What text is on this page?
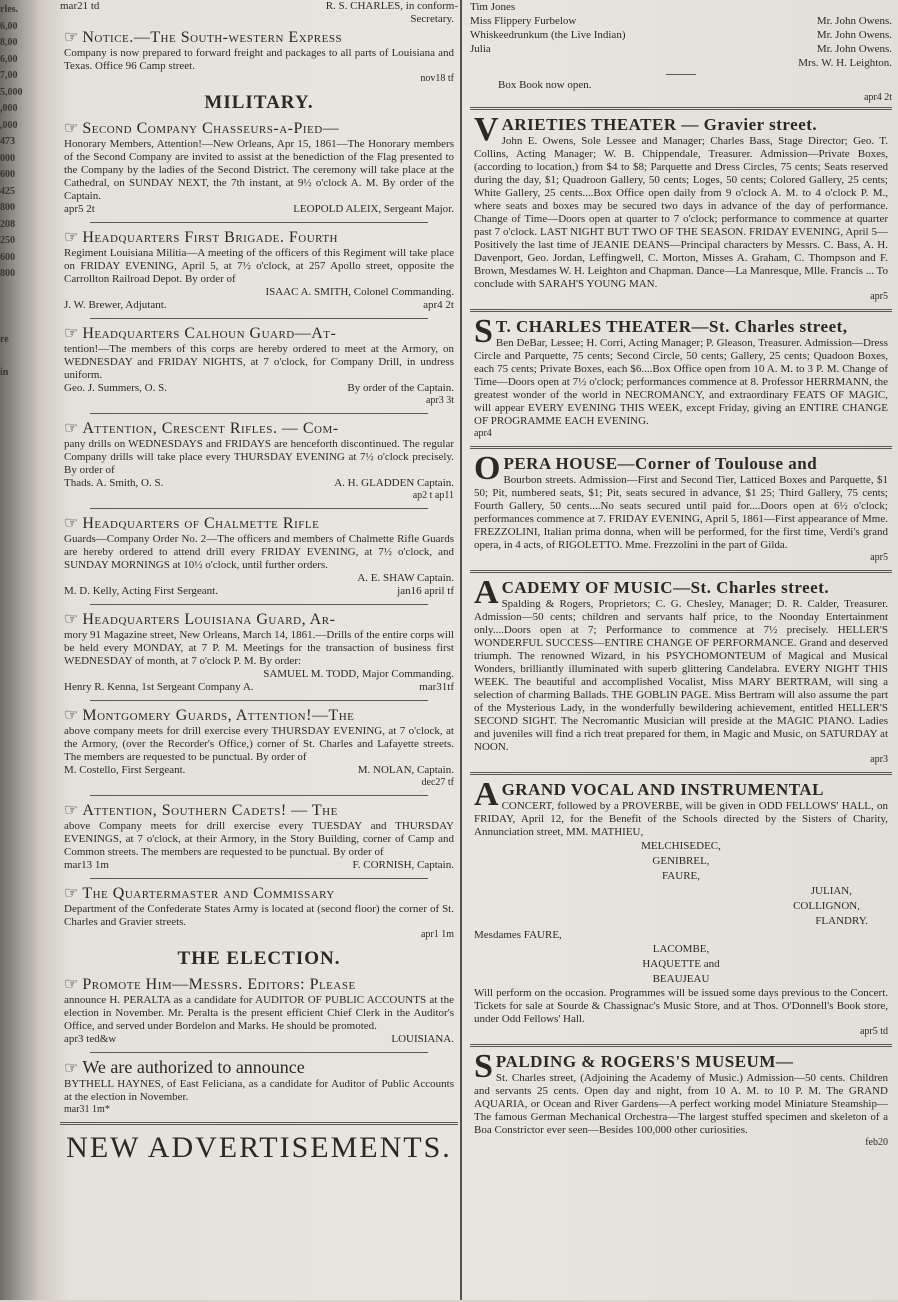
rles.
6,00
8,00
6,00
7,00
5,000
,000
,000
473
000
600
425
800
208
250
600
800

re

in

mar21 td	R. S. CHARLES, in conform-
Secretary.
☞ Notice.—The South-western Express
Company is now prepared to forward freight and packages to all parts of Louisiana and Texas. Office 96 Camp street.
nov18 tf
MILITARY.
☞ Second Company Chasseurs-a-Pied—
Honorary Members, Attention!—New Orleans, Apr 15, 1861—The Honorary members of the Second Company are invited to assist at the benediction of the Flag presented to the Company by the ladies of the Second District. The ceremony will take place at the Cathedral, on SUNDAY NEXT, the 7th instant, at 9½ o'clock A. M. By order of the Captain.
apr5 2t	LEOPOLD ALEIX, Sergeant Major.
☞ Headquarters First Brigade. Fourth
Regiment Louisiana Militia—A meeting of the officers of this Regiment will take place on FRIDAY EVENING, April 5, at 7½ o'clock, at 257 Apollo street, opposite the Carrollton Railroad Depot. By order of
ISAAC A. SMITH, Colonel Commanding.
J. W. Brewer, Adjutant.	apr4 2t
☞ Headquarters Calhoun Guard—At-
tention!—The members of this corps are hereby ordered to meet at the Armory, on WEDNESDAY and FRIDAY NIGHTS, at 7 o'clock, for Company Drill, in undress uniform.
Geo. J. Summers, O. S.	By order of the Captain.
apr3 3t
☞ Attention, Crescent Rifles. — Com-
pany drills on WEDNESDAYS and FRIDAYS are henceforth discontinued. The regular Company drills will take place every THURSDAY EVENING at 7½ o'clock precisely. By order of
Thads. A. Smith, O. S.	A. H. GLADDEN Captain.
ap2 t ap11
☞ Headquarters of Chalmette Rifle
Guards—Company Order No. 2—The officers and members of Chalmette Rifle Guards are hereby ordered to attend drill every FRIDAY EVENING, at 7½ o'clock, and SUNDAY MORNINGS at 10½ o'clock, until further orders.
A. E. SHAW Captain.
M. D. Kelly, Acting First Sergeant.	jan16 april tf
☞ Headquarters Louisiana Guard, Ar-
mory 91 Magazine street, New Orleans, March 14, 1861.—Drills of the entire corps will be held every MONDAY, at 7 P. M. Meetings for the transaction of business first WEDNESDAY of month, at 7 o'clock P. M. By order:
SAMUEL M. TODD, Major Commanding.
Henry R. Kenna, 1st Sergeant Company A.	mar31tf
☞ Montgomery Guards, Attention!—The
above company meets for drill exercise every THURSDAY EVENING, at 7 o'clock, at the Armory, (over the Recorder's Office,) corner of St. Charles and Lafayette streets. The members are requested to be punctual. By order of
M. Costello, First Sergeant.	M. NOLAN, Captain.
dec27 tf
☞ Attention, Southern Cadets! — The
above Company meets for drill exercise every TUESDAY and THURSDAY EVENINGS, at 7 o'clock, at their Armory, in the Story Building, corner of Camp and Common streets. The members are requested to be punctual. By order of
mar13 1m	F. CORNISH, Captain.
☞ The Quartermaster and Commissary
Department of the Confederate States Army is located at (second floor) the corner of St. Charles and Gravier streets.
apr1 1m
THE ELECTION.
☞ Promote Him—Messrs. Editors: Please
announce H. PERALTA as a candidate for AUDITOR OF PUBLIC ACCOUNTS at the election in November. Mr. Peralta is the present efficient Chief Clerk in the Auditor's Office, and served under Bordelon and Marks. He should be promoted.
apr3 ted&w	LOUISIANA.
☞ We are authorized to announce
BYTHELL HAYNES, of East Feliciana, as a candidate for Auditor of Public Accounts at the election in November.
mar31 1m*
NEW ADVERTISEMENTS.
Tim Jones
Miss Flippery Furbelow	Mr. John Owens.
Whiskeedrunkum (the Live Indian)	Mr. John Owens.
Julia	Mr. John Owens.
Mrs. W. H. Leighton.
Box Book now open.
apr4 2t
V ARIETIES THEATER — Gravier street.
John E. Owens, Sole Lessee and Manager; Charles Bass, Stage Director; Geo. T. Collins, Acting Manager; W. B. Chippendale, Treasurer. Admission—Private Boxes, (according to location,) from $4 to $8; Parquette and Dress Circles, 75 cents; Seats reserved during the day, $1; Quadroon Gallery, 50 cents; Loges, 50 cents; Colored Gallery, 25 cents; White Gallery, 25 cents....Box Office open daily from 9 o'clock A. M. to 4 o'clock P. M., where seats and boxes may be secured two days in advance of the day of performance. Change of Time—Doors open at quarter to 7 o'clock; performance to commence at quarter past 7 o'clock. LAST NIGHT BUT TWO OF THE SEASON. FRIDAY EVENING, April 5—Positively the last time of JEANIE DEANS—Principal characters by Messrs. C. Bass, A. H. Davenport, Geo. Jordan, Leffingwell, C. Morton, Misses A. Graham, C. Thompson and F. Brown, Mesdames W. H. Leighton and Chapman. Dance—La Manresque, Mlle. Francis ... To conclude with SARAH'S YOUNG MAN.
apr5
S T. CHARLES THEATER—St. Charles street,
Ben DeBar, Lessee; H. Corri, Acting Manager; P. Gleason, Treasurer. Admission—Dress Circle and Parquette, 75 cents; Second Circle, 50 cents; Gallery, 25 cents; Quadoon Boxes, each 75 cents; Private Boxes, each $6....Box Office open from 10 A. M. to 3 P. M. Change of Time—Doors open at 7½ o'clock; performances commence at 8. Professor HERRMANN, the greatest wonder of the world in NECROMANCY, and extraordinary FEATS OF MAGIC, will appear EVERY EVENING THIS WEEK, except Friday, giving an ENTIRE CHANGE OF PROGRAMME EACH EVENING.
apr4
O PERA HOUSE—Corner of Toulouse and
Bourbon streets. Admission—First and Second Tier, Latticed Boxes and Parquette, $1 50; Pit, numbered seats, $1; Pit, seats secured in advance, $1 25; Third Gallery, 75 cents; Fourth Gallery, 50 cents....No seats secured until paid for....Doors open at 6½ o'clock; performances commence at 7. FRIDAY EVENING, April 5, 1861—First appearance of Mme. FREZZOLINI, Italian prima donna, when will be performed, for the first time, Verdi's grand opera, in 4 acts, of RIGOLETTO. Mme. Frezzolini in the part of Gilda.
apr5
A CADEMY OF MUSIC—St. Charles street.
Spalding & Rogers, Proprietors; C. G. Chesley, Manager; D. R. Calder, Treasurer. Admission—50 cents; children and servants half price, to the Noonday Entertainment only....Doors open at 7; Performance to commence at 7½ precisely. HELLER'S WONDERFUL SUCCESS—ENTIRE CHANGE OF PERFORMANCE. Grand and deserved triumph. The renowned Wizard, in his PSYCHOMONTEUM of Magical and Musical Wonders, brilliantly illuminated with superb glittering Candelabra. EVERY NIGHT THIS WEEK. The beautiful and accomplished Vocalist, Miss MARY BERTRAM, will sing a selection of charming Ballads. THE GOBLIN PAGE. Miss Bertram will also assume the part of the Mysterious Lady, in the wonderfully bewildering achievement, entitled HELLER'S SECOND SIGHT. The Necromantic Musician will preside at the MAGIC PIANO. Ladies and juveniles will find a rich treat prepared for them, in Magic and Music, on SATURDAY at NOON.
apr3
A GRAND VOCAL AND INSTRUMENTAL
CONCERT, followed by a PROVERBE, will be given in ODD FELLOWS' HALL, on FRIDAY, April 12, for the Benefit of the Schools directed by the Sisters of Charity, Annunciation street, MM. MATHIEU,
MELCHISEDEC,
GENIBREL,
FAURE,
JULIAN,
COLLIGNON,
FLANDRY.
Mesdames FAURE,
LACOMBE,
HAQUETTE and
BEAUJEAU
Will perform on the occasion. Programmes will be issued some days previous to the Concert. Tickets for sale at Sourde & Chassignac's Music Store, and at Thos. O'Donnell's Book store, under Odd Fellows' Hall.
apr5 td
S PALDING & ROGERS'S MUSEUM—
St. Charles street, (Adjoining the Academy of Music.) Admission—50 cents. Children and servants 25 cents. Open day and night, from 10 A. M. to 10 P. M. The GRAND AQUARIA, or Ocean and River Gardens—A perfect working model Miniature Steamship—The famous German Mechanical Orchestra—The largest stuffed specimen and skeleton of a Boa Constrictor ever seen—Besides 100,000 other curiosities.
feb20
